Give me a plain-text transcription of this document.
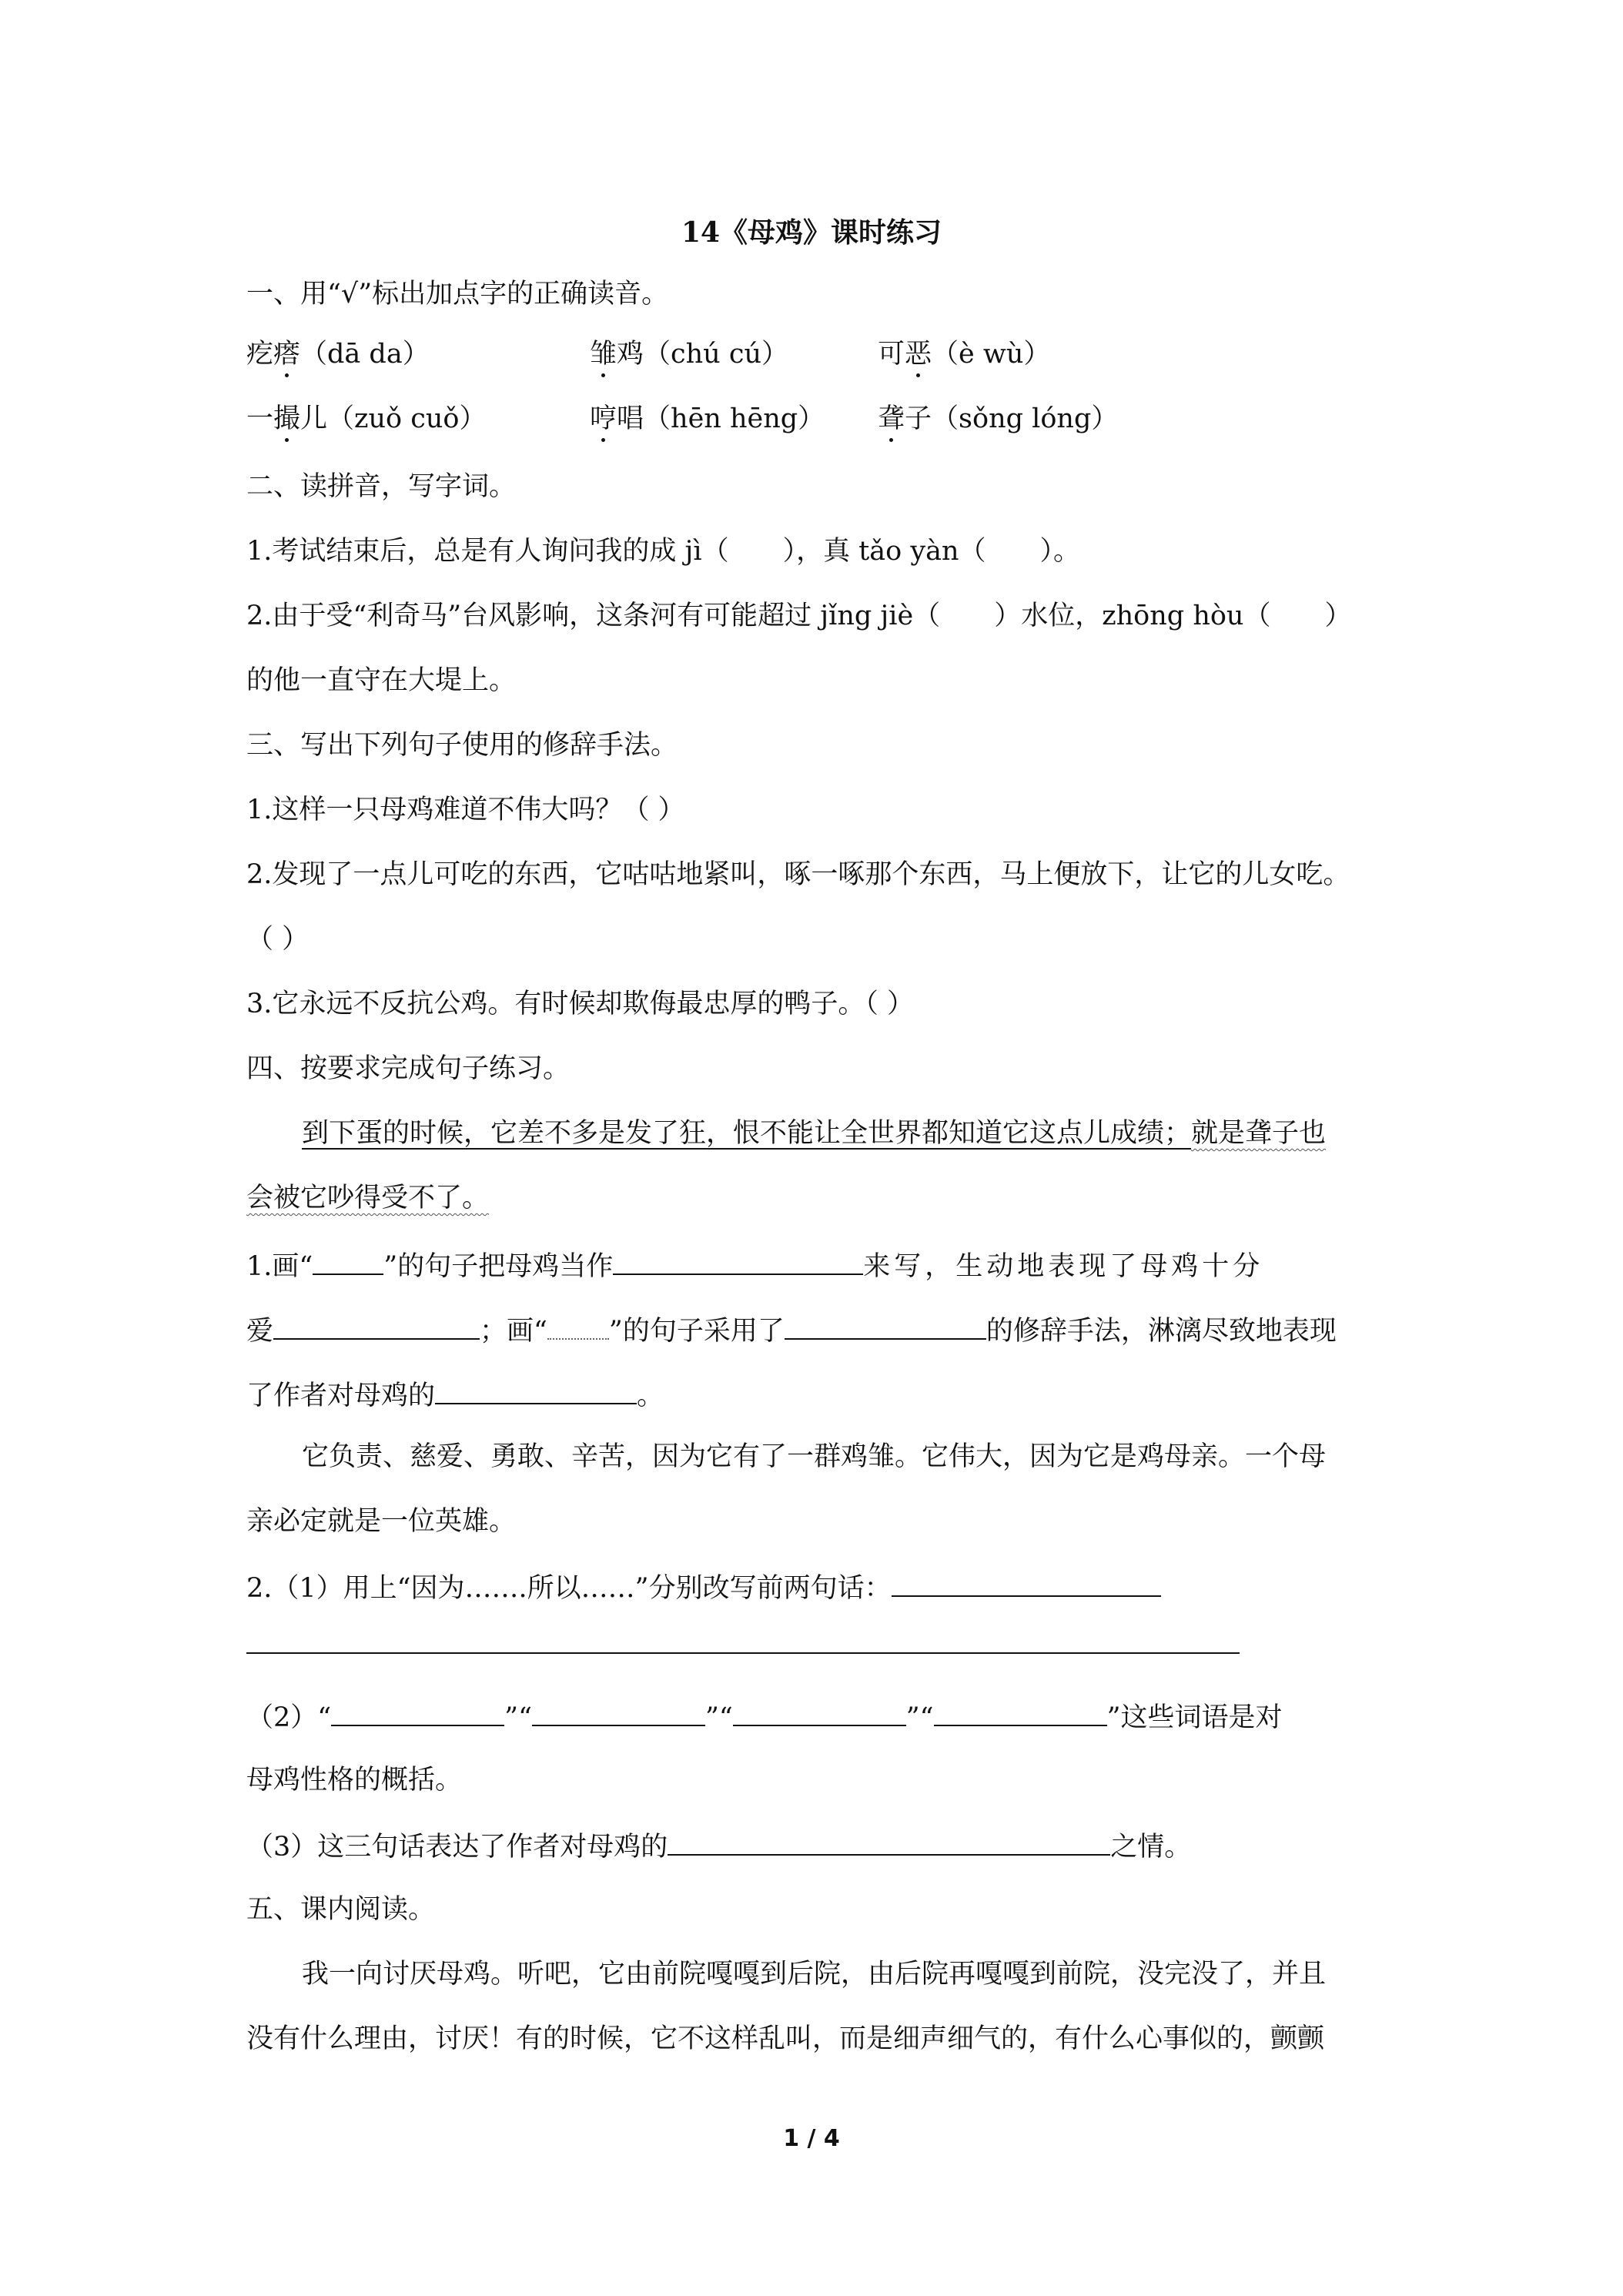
14《母鸡》课时练习
一、用“√”标出加点字的正确读音。
疙瘩（dā da）	雏鸡（chú cú）	可恶（è wù）
一撮儿（zuǒ cuǒ）	哼唱（hēn hēng） 聋子（sǒng lóng）
二、读拼音，写字词。
1.考试结束后，总是有人询问我的成 jì（ ），真 tǎo yàn（ ）。
2.由于受“利奇马”台风影响，这条河有可能超过 jǐng jiè（ ）水位，zhōng hòu（ ）
的他一直守在大堤上。
三、写出下列句子使用的修辞手法。
1.这样一只母鸡难道不伟大吗？（ ）
2.发现了一点儿可吃的东西，它咕咕地紧叫，啄一啄那个东西，马上便放下，让它的儿女吃。
（ ）
3.它永远不反抗公鸡。有时候却欺侮最忠厚的鸭子。（ ）
四、按要求完成句子练习。
到下蛋的时候，它差不多是发了狂，恨不能让全世界都知道它这点儿成绩；就是聋子也
会被它吵得受不了。
1.画“	”的句子把母鸡当作	来写，生动地表现了母鸡十分
爱	；画“ ”的句子采用了	的修辞手法，淋漓尽致地表现
了作者对母鸡的	。
它负责、慈爱、勇敢、辛苦，因为它有了一群鸡雏。它伟大，因为它是鸡母亲。一个母
亲必定就是一位英雄。
2.（1）用上“因为…….所以……”分别改写前两句话：
（2）“	”“	”“	”“	”这些词语是对
母鸡性格的概括。
（3）这三句话表达了作者对母鸡的	之情。
五、课内阅读。
我一向讨厌母鸡。听吧，它由前院嘎嘎到后院，由后院再嘎嘎到前院，没完没了，并且
没有什么理由，讨厌！有的时候，它不这样乱叫，而是细声细气的，有什么心事似的，颤颤
1 / 4
